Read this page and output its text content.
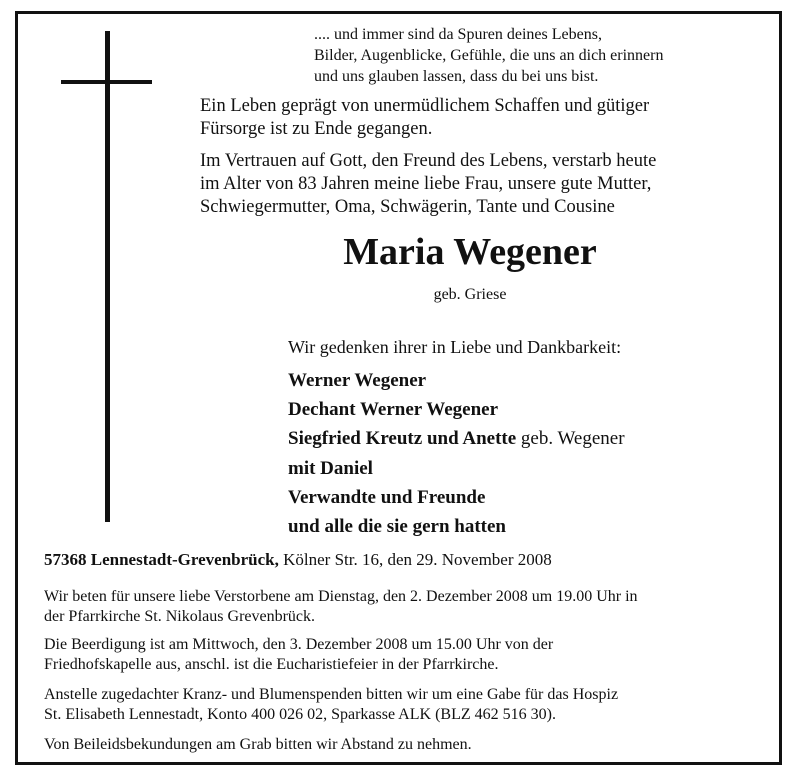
.... und immer sind da Spuren deines Lebens,
Bilder, Augenblicke, Gefühle, die uns an dich erinnern
und uns glauben lassen, dass du bei uns bist.
Ein Leben geprägt von unermüdlichem Schaffen und gütiger
Fürsorge ist zu Ende gegangen.
Im Vertrauen auf Gott, den Freund des Lebens, verstarb heute
im Alter von 83 Jahren meine liebe Frau, unsere gute Mutter,
Schwiegermutter, Oma, Schwägerin, Tante und Cousine
Maria Wegener
geb. Griese
Wir gedenken ihrer in Liebe und Dankbarkeit:
Werner Wegener
Dechant Werner Wegener
Siegfried Kreutz und Anette geb. Wegener
mit Daniel
Verwandte und Freunde
und alle die sie gern hatten
57368 Lennestadt-Grevenbrück, Kölner Str. 16, den 29. November 2008
Wir beten für unsere liebe Verstorbene am Dienstag, den 2. Dezember 2008 um 19.00 Uhr in
der Pfarrkirche St. Nikolaus Grevenbrück.
Die Beerdigung ist am Mittwoch, den 3. Dezember 2008 um 15.00 Uhr von der
Friedhofskapelle aus, anschl. ist die Eucharistiefeier in der Pfarrkirche.
Anstelle zugedachter Kranz- und Blumenspenden bitten wir um eine Gabe für das Hospiz
St. Elisabeth Lennestadt, Konto 400 026 02, Sparkasse ALK (BLZ 462 516 30).
Von Beileidsbekundungen am Grab bitten wir Abstand zu nehmen.
